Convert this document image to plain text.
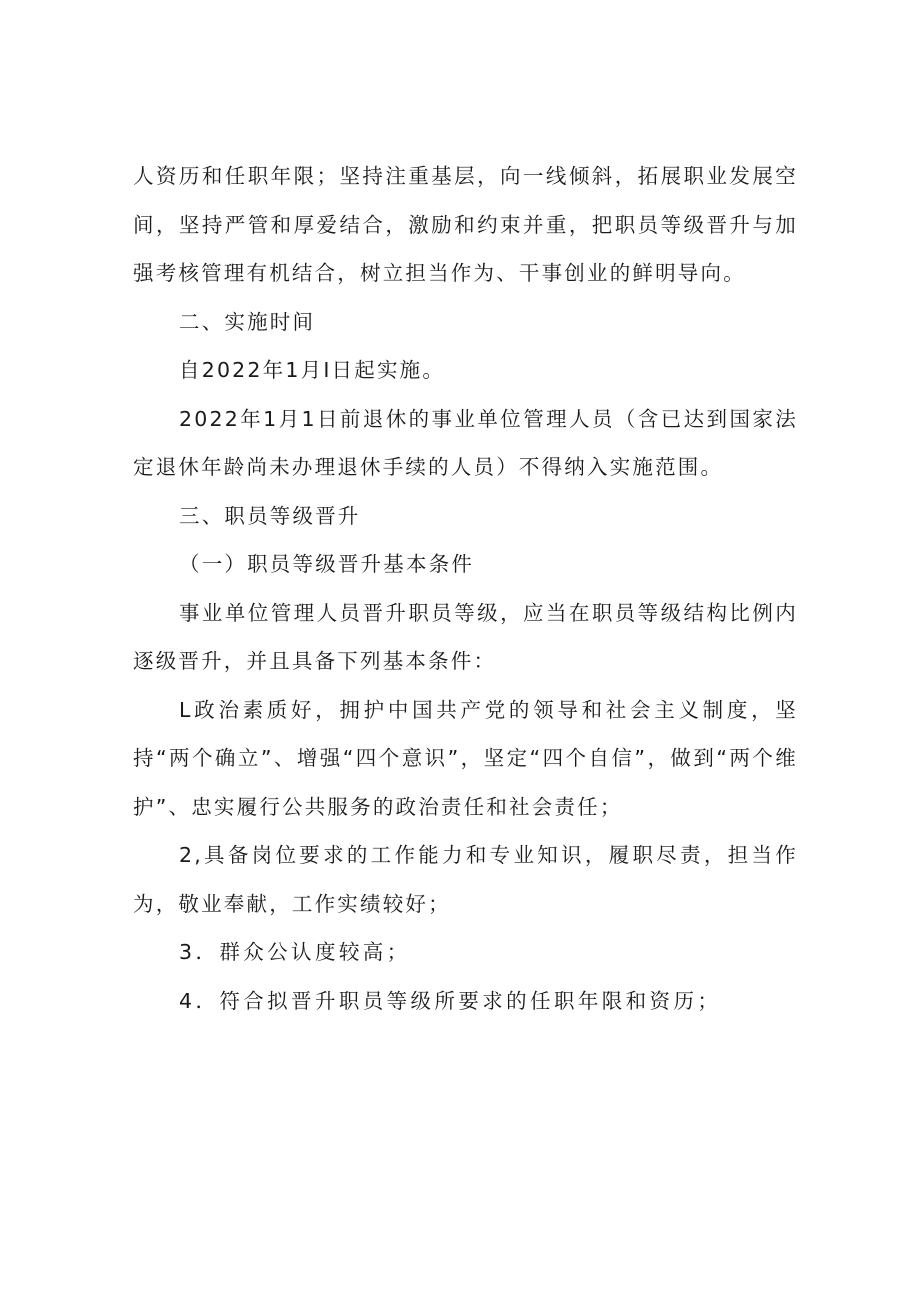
人资历和任职年限；坚持注重基层，向一线倾斜，拓展职业发展空间，坚持严管和厚爱结合，激励和约束并重，把职员等级晋升与加强考核管理有机结合，树立担当作为、干事创业的鲜明导向。

二、实施时间

自2022年1月I日起实施。

2022年1月1日前退休的事业单位管理人员（含已达到国家法定退休年龄尚未办理退休手续的人员）不得纳入实施范围。

三、职员等级晋升

（一）职员等级晋升基本条件

事业单位管理人员晋升职员等级，应当在职员等级结构比例内逐级晋升，并且具备下列基本条件：

L政治素质好，拥护中国共产党的领导和社会主义制度，坚持“两个确立”、增强“四个意识”，坚定“四个自信”，做到“两个维护”、忠实履行公共服务的政治责任和社会责任；

2,具备岗位要求的工作能力和专业知识，履职尽责，担当作为，敬业奉献，工作实绩较好；

3．群众公认度较高；

4．符合拟晋升职员等级所要求的任职年限和资历；
